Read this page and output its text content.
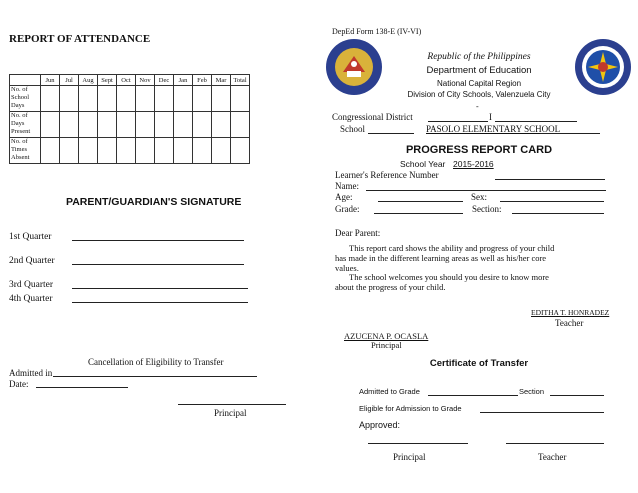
REPORT OF ATTENDANCE
	Jun	Jul	Aug	Sept	Oct	Nov	Dec	Jan	Feb	Mar	Total
No. of School Days											
No. of Days Present											
No. of Times Absent											
PARENT/GUARDIAN'S SIGNATURE
1st Quarter
2nd Quarter
3rd Quarter
4th Quarter
Cancellation of Eligibility to Transfer
Admitted in
Date:
Principal
DepEd Form 138-E (IV-VI)
Republic of the Philippines
Department of Education
National Capital Region
Division of City Schools, Valenzuela City
-
Congressional District	I
School	PASOLO ELEMENTARY SCHOOL
PROGRESS REPORT CARD
School Year 2015-2016
Learner's Reference Number
Name:
Age:	Sex:
Grade:	Section:
Dear Parent:
This report card shows the ability and progress of your child
has made in the different learning areas as well as his/her core
values.
The school welcomes you should you desire to know more
about the progress of your child.
EDITHA T. HONRADEZ
Teacher
AZUCENA P. OCASLA
Principal
Certificate of Transfer
Admitted to Grade	Section
Eligible for Admission to Grade
Approved:
Principal	Teacher
